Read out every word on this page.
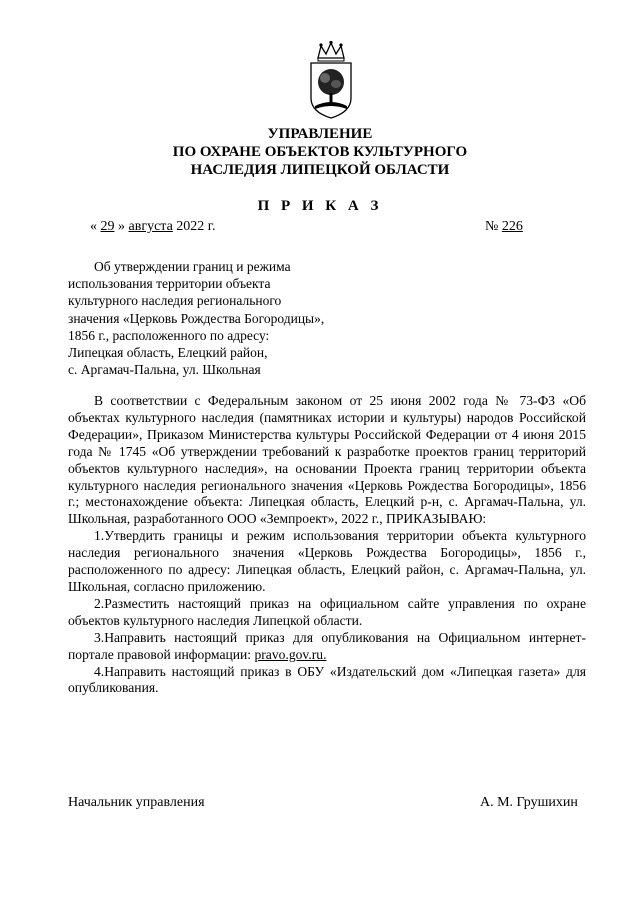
УПРАВЛЕНИЕ
ПО ОХРАНЕ ОБЪЕКТОВ КУЛЬТУРНОГО
НАСЛЕДИЯ ЛИПЕЦКОЙ ОБЛАСТИ
П Р И К А З
« 29 » августа 2022 г.	№ 226
Об утверждении границ и режима
использования территории объекта
культурного наследия регионального
значения «Церковь Рождества Богородицы»,
1856 г., расположенного по адресу:
Липецкая область, Елецкий район,
с. Аргамач-Пальна, ул. Школьная

В соответствии с Федеральным законом от 25 июня 2002 года № 73-ФЗ «Об объектах культурного наследия (памятниках истории и культуры) народов Российской Федерации», Приказом Министерства культуры Российской Федерации от 4 июня 2015 года № 1745 «Об утверждении требований к разработке проектов границ территорий объектов культурного наследия», на основании Проекта границ территории объекта культурного наследия регионального значения «Церковь Рождества Богородицы», 1856 г.; местонахождение объекта: Липецкая область, Елецкий р-н, с. Аргамач-Пальна, ул. Школьная, разработанного ООО «Земпроект», 2022 г., ПРИКАЗЫВАЮ:

1.Утвердить границы и режим использования территории объекта культурного наследия регионального значения «Церковь Рождества Богородицы», 1856 г., расположенного по адресу: Липецкая область, Елецкий район, с. Аргамач-Пальна, ул. Школьная, согласно приложению.

2.Разместить настоящий приказ на официальном сайте управления по охране объектов культурного наследия Липецкой области.

3.Направить настоящий приказ для опубликования на Официальном интернет-портале правовой информации: pravo.gov.ru.

4.Направить настоящий приказ в ОБУ «Издательский дом «Липецкая газета» для опубликования.

Начальник управления	А. М. Грушихин
